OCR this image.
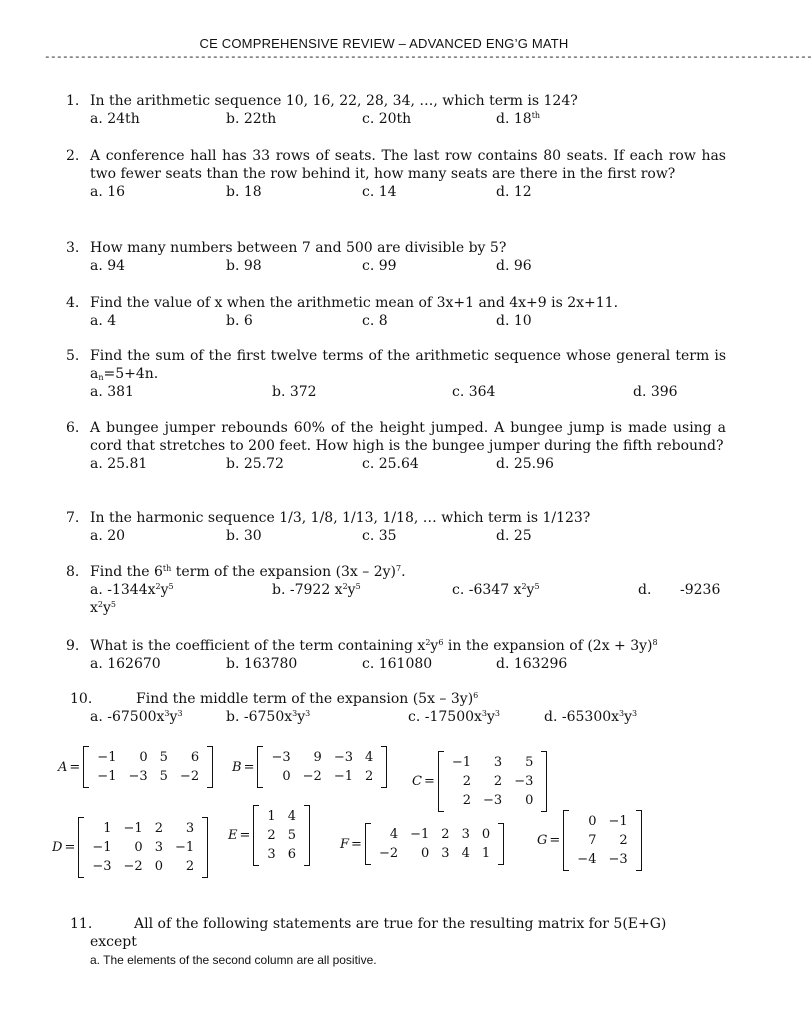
CE COMPREHENSIVE REVIEW – ADVANCED ENG’G MATH
--------------------------------------------------------------------------------------------------------------------------------
1. In the arithmetic sequence 10, 16, 22, 28, 34, …, which term is 124?
a. 24th	b. 22th	c. 20th	d. 18th
2. A conference hall has 33 rows of seats. The last row contains 80 seats. If each row has two fewer seats than the row behind it, how many seats are there in the first row?
a. 16	b. 18	c. 14	d. 12
3. How many numbers between 7 and 500 are divisible by 5?
a. 94	b. 98	c. 99	d. 96
4. Find the value of x when the arithmetic mean of 3x+1 and 4x+9 is 2x+11.
a. 4	b. 6	c. 8	d. 10
5. Find the sum of the first twelve terms of the arithmetic sequence whose general term is $a_n=5+4n$.
a. 381	b. 372	c. 364	d. 396
6. A bungee jumper rebounds 60% of the height jumped. A bungee jump is made using a cord that stretches to 200 feet. How high is the bungee jumper during the fifth rebound?
a. 25.81	b. 25.72	c. 25.64	d. 25.96
7. In the harmonic sequence 1/3, 1/8, 1/13, 1/18, … which term is 1/123?
a. 20	b. 30	c. 35	d. 25
8. Find the 6th term of the expansion (3x – 2y)$^7$.
a. $-1344x^2y^5$	b. -7922 $x^2y^5$	c. -6347 $x^2y^5$	d. -9236
$x^2y^5$
9. What is the coefficient of the term containing $x^2y^6$ in the expansion of $(2x + 3y)^8$
a. 162670	b. 163780	c. 161080	d. 163296
10.	Find the middle term of the expansion (5x – 3y)$^6$
a. $-67500x^3y^3$	b. $-6750x^3y^3$	c. $-17500x^3y^3$	d. $-65300x^3y^3$
A =
−1	0	5	6
−1	−3	5	−2
B =
−3	9	−3	4
0	−2	−1	2	C =
−1	3	5
2	2	−3
2	−3	0
D =
1	−1	2	3
−1	0	3	−1
−3	−2	0	2
E =
1	4
2	5
3	6
F =
4	−1	2	3	0
−2	0	3	4	1
G =
0	−1
7	2
−4	−3
11.	All of the following statements are true for the resulting matrix for 5(E+G)
except
a. The elements of the second column are all positive.
